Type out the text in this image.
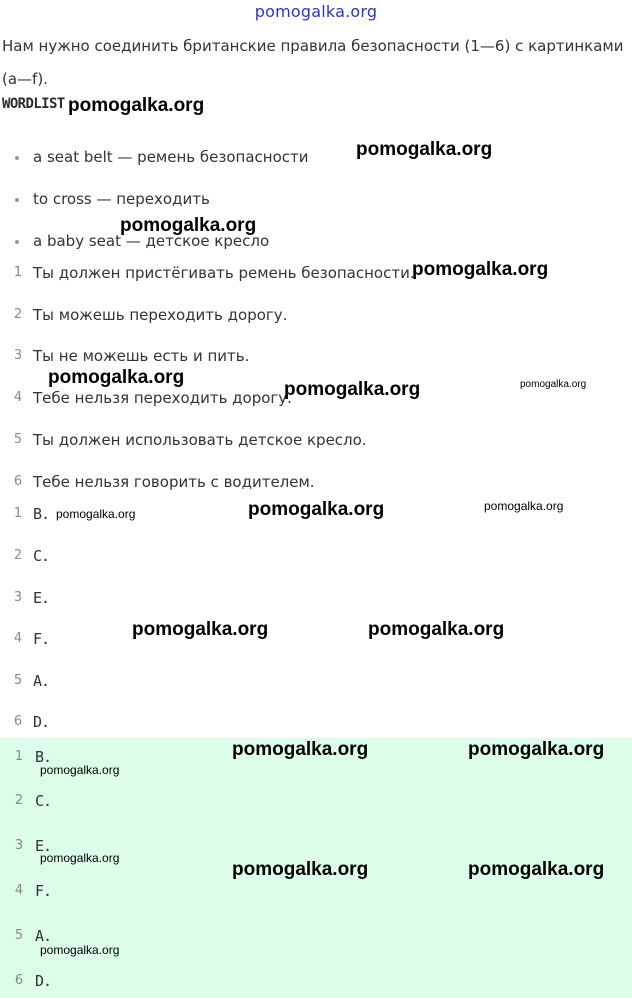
pomogalka.org
Нам нужно соединить британские правила безопасности (1—6) с картинками (a—f).
WORDLIST
a seat belt — ремень безопасности
to cross — переходить
a baby seat — детское кресло
1 Ты должен пристёгивать ремень безопасности.
2 Ты можешь переходить дорогу.
3 Ты не можешь есть и пить.
4 Тебе нельзя переходить дорогу.
5 Ты должен использовать детское кресло.
6 Тебе нельзя говорить с водителем.
1 B.
2 C.
3 E.
4 F.
5 A.
6 D.
1 B.
2 C.
3 E.
4 F.
5 A.
6 D.
pomogalka.org
pomogalka.org
pomogalka.org
pomogalka.org
pomogalka.org
pomogalka.org	pomogalka.org
pomogalka.org
pomogalka.org
pomogalka.org
pomogalka.org	pomogalka.org
pomogalka.org	pomogalka.org
pomogalka.org
pomogalka.org
pomogalka.org	pomogalka.org
pomogalka.org
